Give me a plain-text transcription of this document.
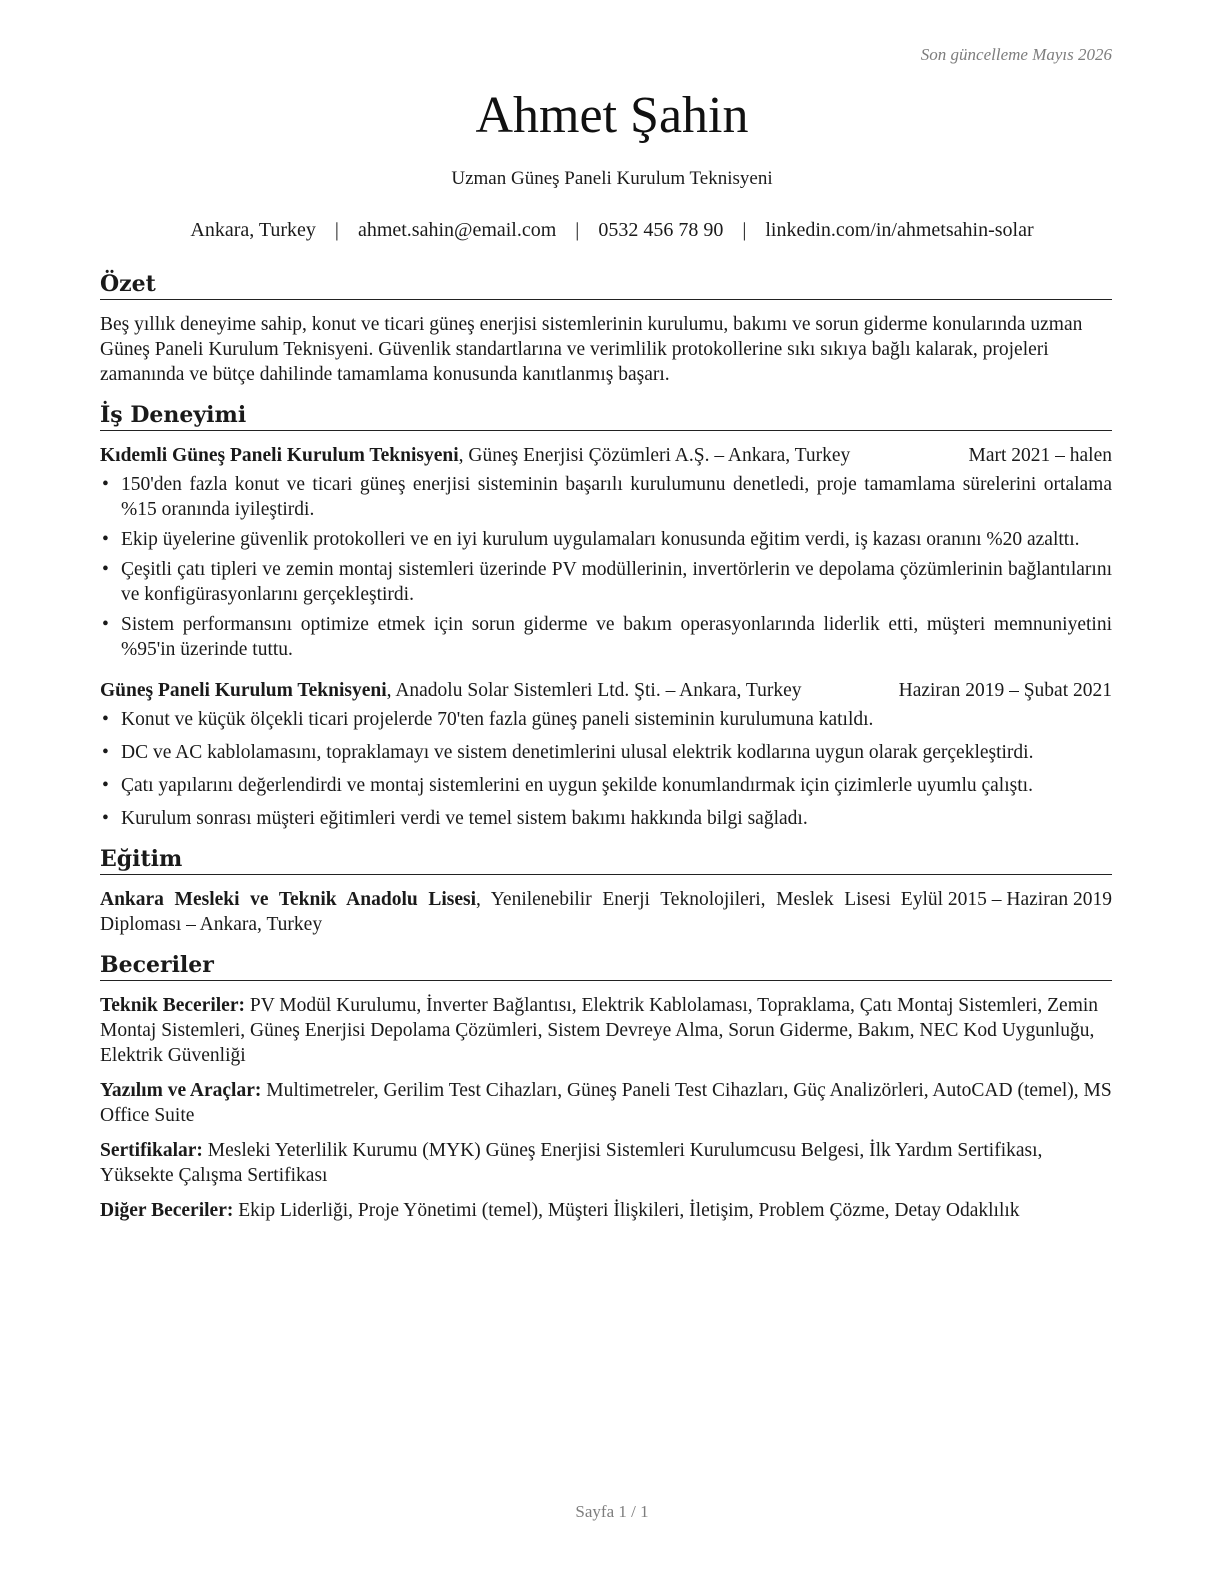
Son güncelleme Mayıs 2026
Ahmet Şahin
Uzman Güneş Paneli Kurulum Teknisyeni
Ankara, Turkey | ahmet.sahin@email.com | 0532 456 78 90 | linkedin.com/in/ahmetsahin-solar
Özet

Beş yıllık deneyime sahip, konut ve ticari güneş enerjisi sistemlerinin kurulumu, bakımı ve sorun giderme konularında uzman Güneş Paneli Kurulum Teknisyeni. Güvenlik standartlarına ve verimlilik protokollerine sıkı sıkıya bağlı kalarak, projeleri zamanında ve bütçe dahilinde tamamlama konusunda kanıtlanmış başarı.

İş Deneyimi
Kıdemli Güneş Paneli Kurulum Teknisyeni, Güneş Enerjisi Çözümleri A.Ş. – Ankara, Turkey	Mart 2021 – halen
• 150'den fazla konut ve ticari güneş enerjisi sisteminin başarılı kurulumunu denetledi, proje tamamlama sürelerini ortalama %15 oranında iyileştirdi.
• Ekip üyelerine güvenlik protokolleri ve en iyi kurulum uygulamaları konusunda eğitim verdi, iş kazası oranını %20 azalttı.
• Çeşitli çatı tipleri ve zemin montaj sistemleri üzerinde PV modüllerinin, invertörlerin ve depolama çözümlerinin bağlantılarını ve konfigürasyonlarını gerçekleştirdi.
• Sistem performansını optimize etmek için sorun giderme ve bakım operasyonlarında liderlik etti, müşteri memnuniyetini %95'in üzerinde tuttu.
Güneş Paneli Kurulum Teknisyeni, Anadolu Solar Sistemleri Ltd. Şti. – Ankara, Turkey	Haziran 2019 – Şubat 2021
• Konut ve küçük ölçekli ticari projelerde 70'ten fazla güneş paneli sisteminin kurulumuna katıldı.
• DC ve AC kablolamasını, topraklamayı ve sistem denetimlerini ulusal elektrik kodlarına uygun olarak gerçekleştirdi.
• Çatı yapılarını değerlendirdi ve montaj sistemlerini en uygun şekilde konumlandırmak için çizimlerle uyumlu çalıştı.
• Kurulum sonrası müşteri eğitimleri verdi ve temel sistem bakımı hakkında bilgi sağladı.
Eğitim
Ankara Mesleki ve Teknik Anadolu Lisesi, Yenilenebilir Enerji Teknolojileri, Meslek Lisesi Diploması – Ankara, Turkey
Eylül 2015 – Haziran 2019
Beceriler
Teknik Beceriler: PV Modül Kurulumu, İnverter Bağlantısı, Elektrik Kablolaması, Topraklama, Çatı Montaj Sistemleri, Zemin Montaj Sistemleri, Güneş Enerjisi Depolama Çözümleri, Sistem Devreye Alma, Sorun Giderme, Bakım, NEC Kod Uygunluğu, Elektrik Güvenliği
Yazılım ve Araçlar: Multimetreler, Gerilim Test Cihazları, Güneş Paneli Test Cihazları, Güç Analizörleri, AutoCAD (temel), MS Office Suite
Sertifikalar: Mesleki Yeterlilik Kurumu (MYK) Güneş Enerjisi Sistemleri Kurulumcusu Belgesi, İlk Yardım Sertifikası, Yüksekte Çalışma Sertifikası
Diğer Beceriler: Ekip Liderliği, Proje Yönetimi (temel), Müşteri İlişkileri, İletişim, Problem Çözme, Detay Odaklılık
Sayfa 1 / 1
